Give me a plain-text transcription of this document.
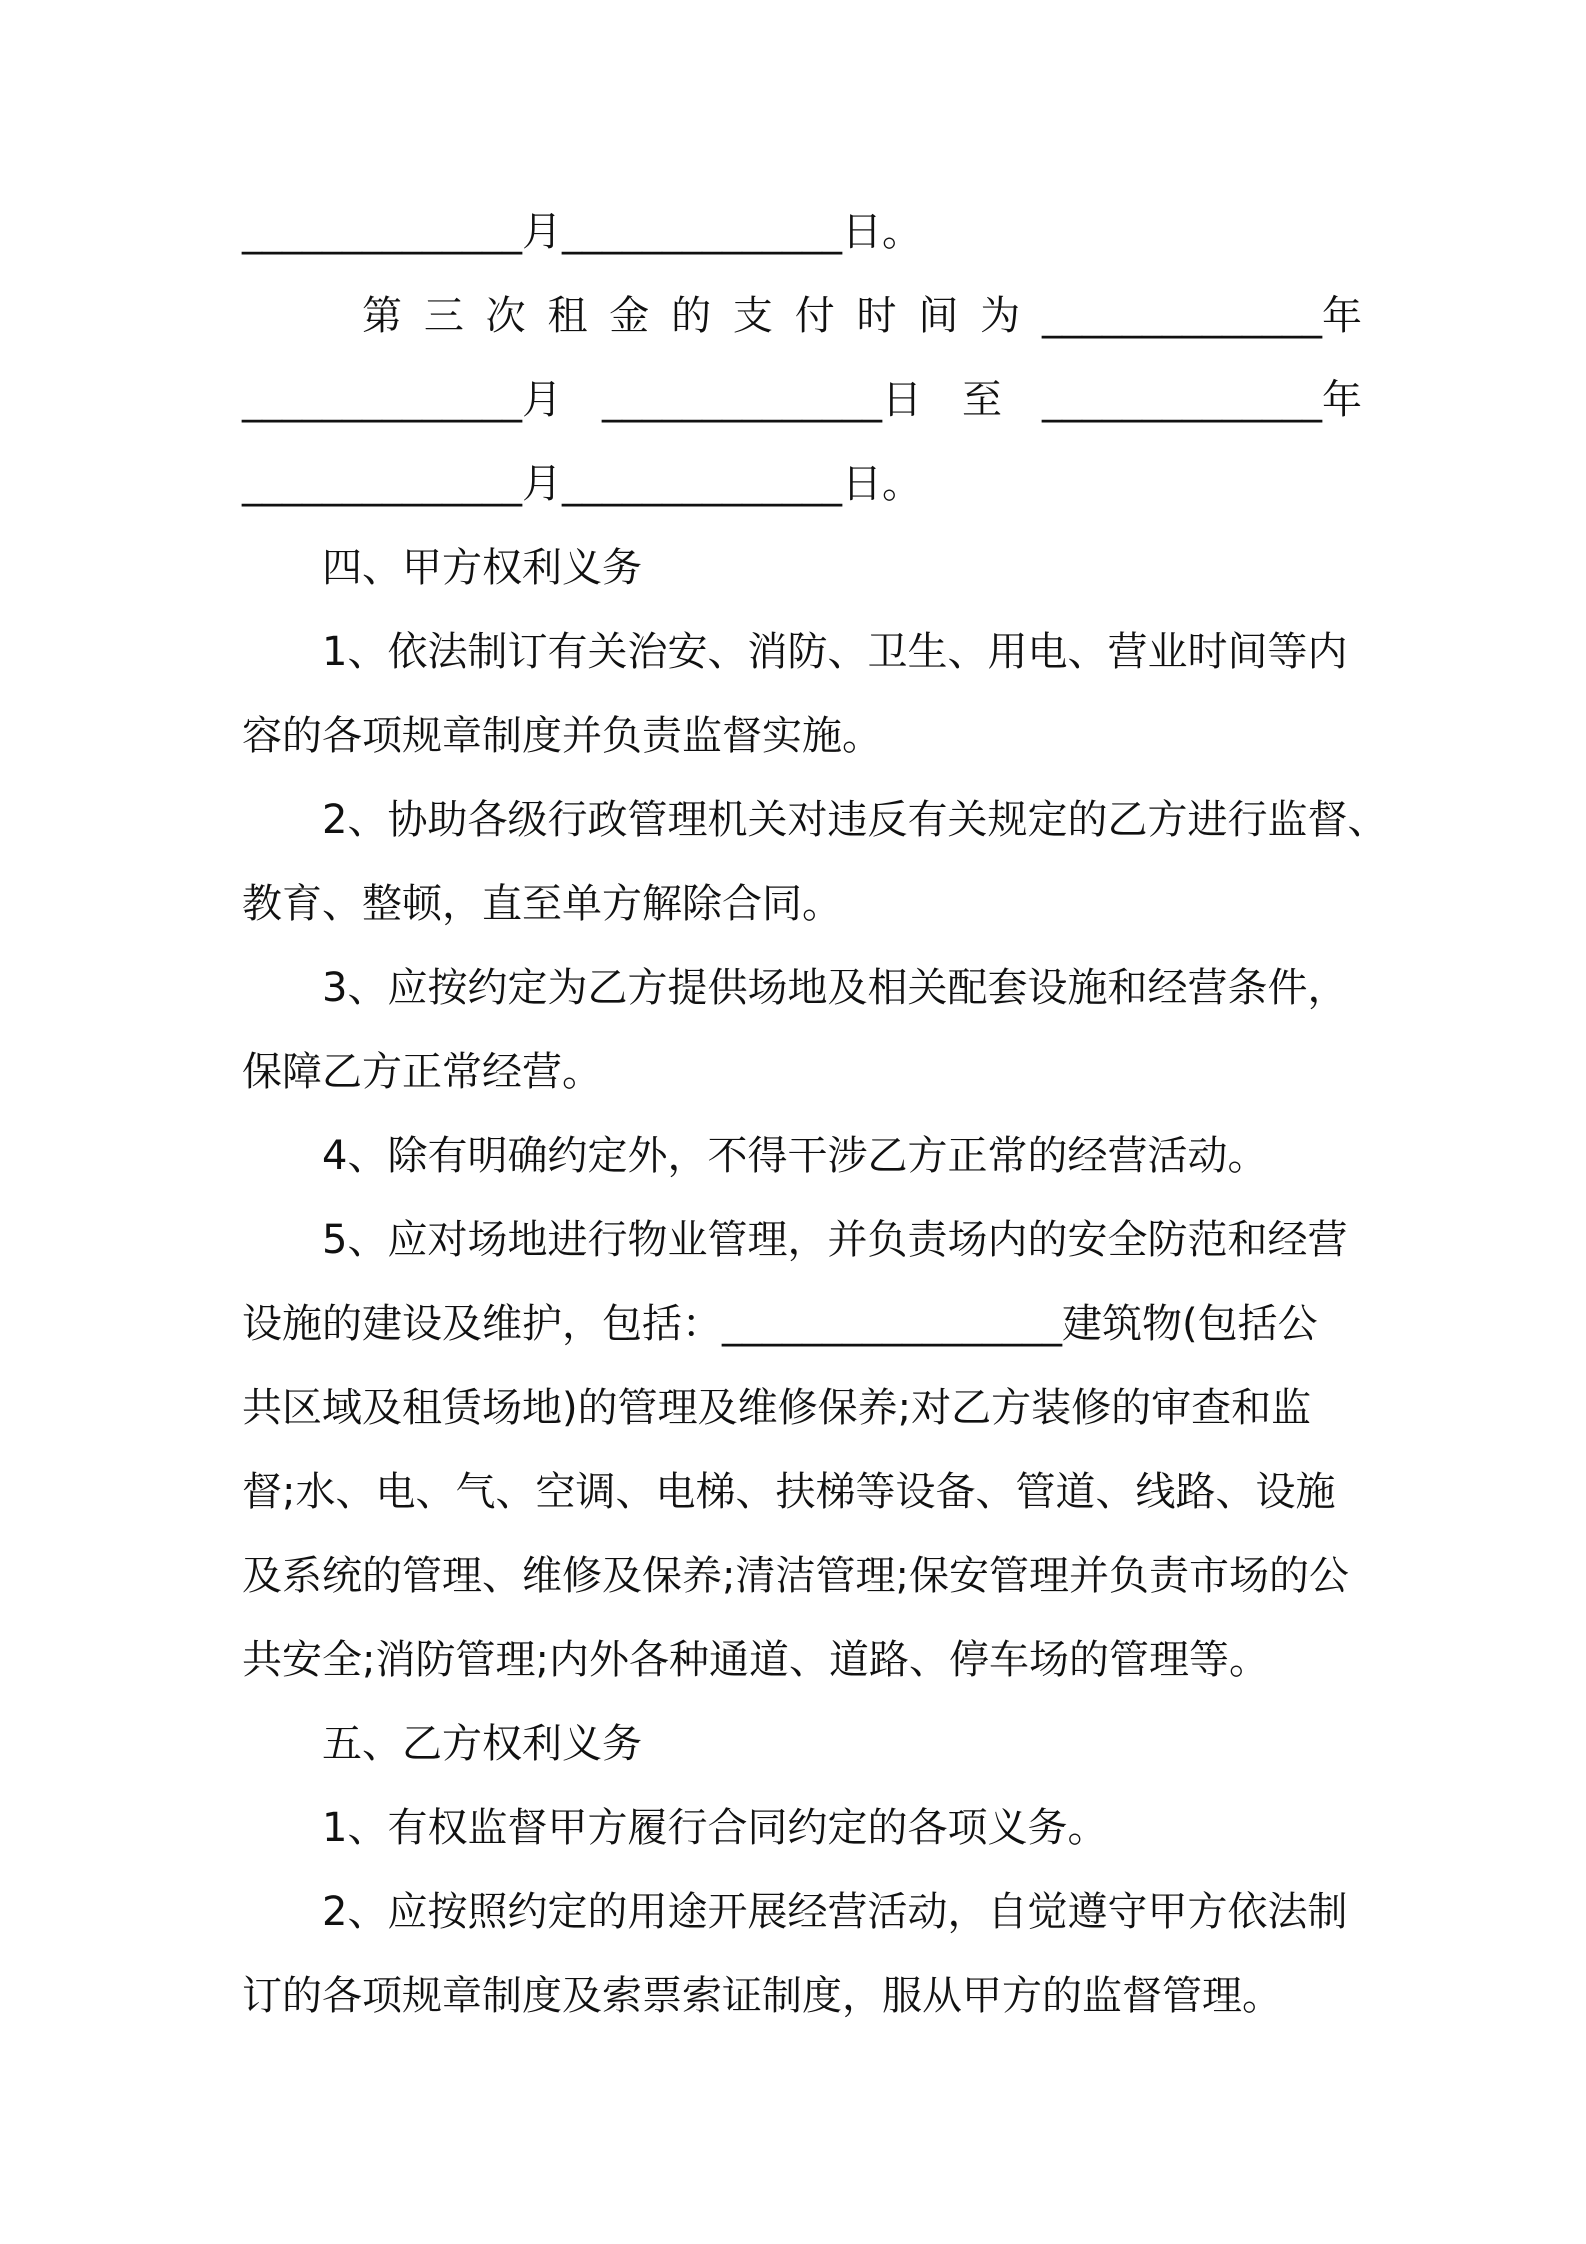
______________月______________日。
第 三 次 租 金 的 支 付 时 间 为 ______________年
______________月 ______________日 至 ______________年
______________月______________日。
四、甲方权利义务
1、依法制订有关治安、消防、卫生、用电、营业时间等内
容的各项规章制度并负责监督实施。
2、协助各级行政管理机关对违反有关规定的乙方进行监督、
教育、整顿，直至单方解除合同。
3、应按约定为乙方提供场地及相关配套设施和经营条件，
保障乙方正常经营。
4、除有明确约定外，不得干涉乙方正常的经营活动。
5、应对场地进行物业管理，并负责场内的安全防范和经营
设施的建设及维护，包括：_________________建筑物(包括公
共区域及租赁场地)的管理及维修保养;对乙方装修的审查和监
督;水、电、气、空调、电梯、扶梯等设备、管道、线路、设施
及系统的管理、维修及保养;清洁管理;保安管理并负责市场的公
共安全;消防管理;内外各种通道、道路、停车场的管理等。
五、乙方权利义务
1、有权监督甲方履行合同约定的各项义务。
2、应按照约定的用途开展经营活动，自觉遵守甲方依法制
订的各项规章制度及索票索证制度，服从甲方的监督管理。
